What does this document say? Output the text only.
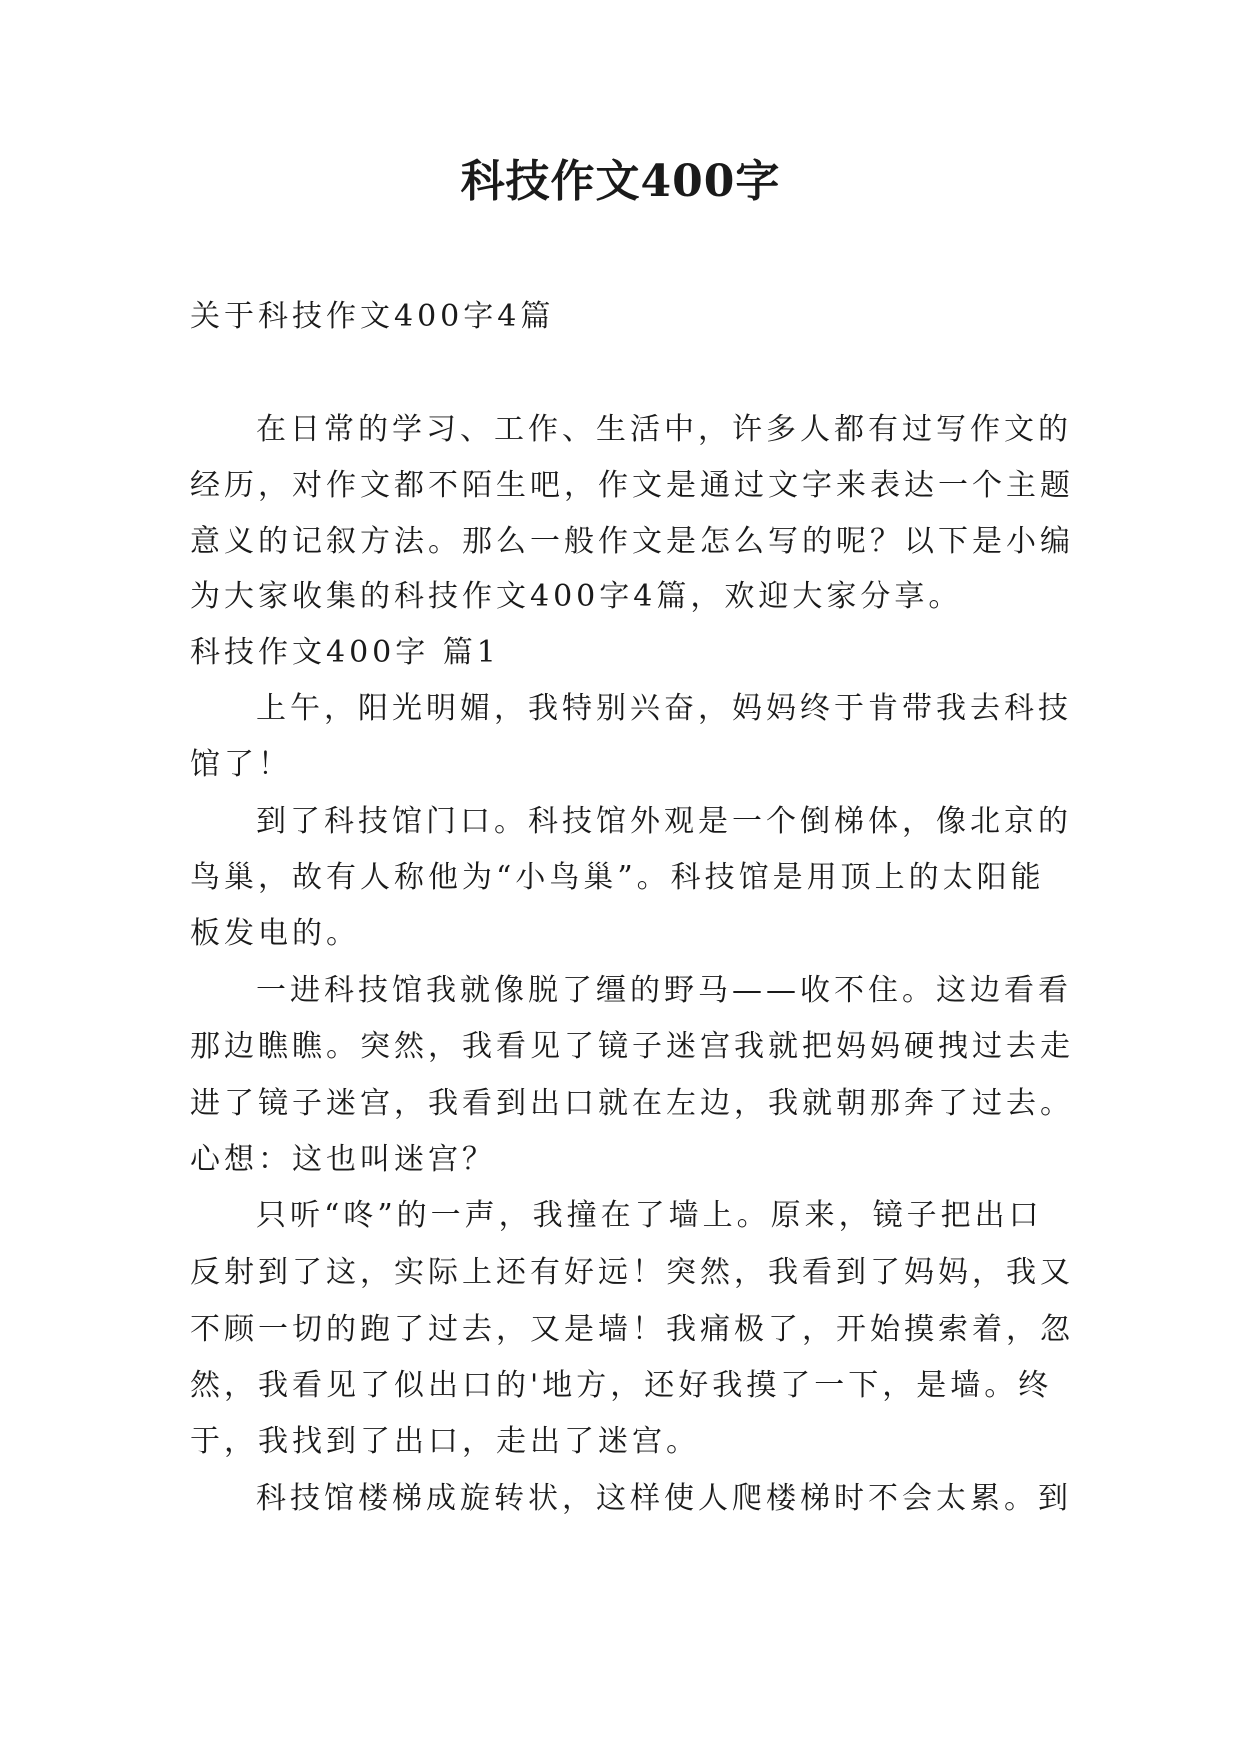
科技作文400字
关于科技作文400字4篇
在日常的学习、工作、生活中，许多人都有过写作文的
经历，对作文都不陌生吧，作文是通过文字来表达一个主题
意义的记叙方法。那么一般作文是怎么写的呢？以下是小编
为大家收集的科技作文400字4篇，欢迎大家分享。
科技作文400字 篇1
上午，阳光明媚，我特别兴奋，妈妈终于肯带我去科技
馆了！
到了科技馆门口。科技馆外观是一个倒梯体，像北京的
鸟巢，故有人称他为“小鸟巢”。科技馆是用顶上的太阳能
板发电的。
一进科技馆我就像脱了缰的野马——收不住。这边看看
那边瞧瞧。突然，我看见了镜子迷宫我就把妈妈硬拽过去走
进了镜子迷宫，我看到出口就在左边，我就朝那奔了过去。
心想：这也叫迷宫？
只听“咚”的一声，我撞在了墙上。原来，镜子把出口
反射到了这，实际上还有好远！突然，我看到了妈妈，我又
不顾一切的跑了过去，又是墙！我痛极了，开始摸索着，忽
然，我看见了似出口的'地方，还好我摸了一下，是墙。终
于，我找到了出口，走出了迷宫。
科技馆楼梯成旋转状，这样使人爬楼梯时不会太累。到
